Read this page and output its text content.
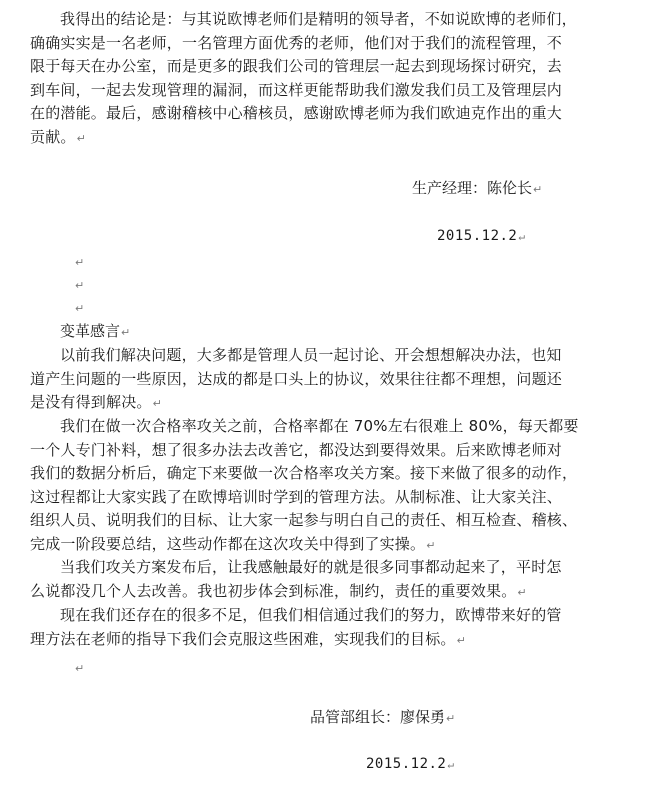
我得出的结论是：与其说欧博老师们是精明的领导者，不如说欧博的老师们，
确确实实是一名老师，一名管理方面优秀的老师，他们对于我们的流程管理，不
限于每天在办公室，而是更多的跟我们公司的管理层一起去到现场探讨研究，去
到车间，一起去发现管理的漏洞，而这样更能帮助我们激发我们员工及管理层内
在的潜能。最后，感谢稽核中心稽核员，感谢欧博老师为我们欧迪克作出的重大
贡献。↵
生产经理：陈伦长↵
2015.12.2↵
↵
↵
↵
变革感言↵
以前我们解决问题，大多都是管理人员一起讨论、开会想想解决办法，也知
道产生问题的一些原因，达成的都是口头上的协议，效果往往都不理想，问题还
是没有得到解决。↵
我们在做一次合格率攻关之前，合格率都在 70%左右很难上 80%，每天都要
一个人专门补料，想了很多办法去改善它，都没达到要得效果。后来欧博老师对
我们的数据分析后，确定下来要做一次合格率攻关方案。接下来做了很多的动作，
这过程都让大家实践了在欧博培训时学到的管理方法。从制标准、让大家关注、
组织人员、说明我们的目标、让大家一起参与明白自己的责任、相互检查、稽核、
完成一阶段要总结，这些动作都在这次攻关中得到了实操。↵
当我们攻关方案发布后，让我感触最好的就是很多同事都动起来了，平时怎
么说都没几个人去改善。我也初步体会到标准，制约，责任的重要效果。↵
现在我们还存在的很多不足，但我们相信通过我们的努力，欧博带来好的管
理方法在老师的指导下我们会克服这些困难，实现我们的目标。↵
↵
品管部组长：廖保勇↵
2015.12.2↵
